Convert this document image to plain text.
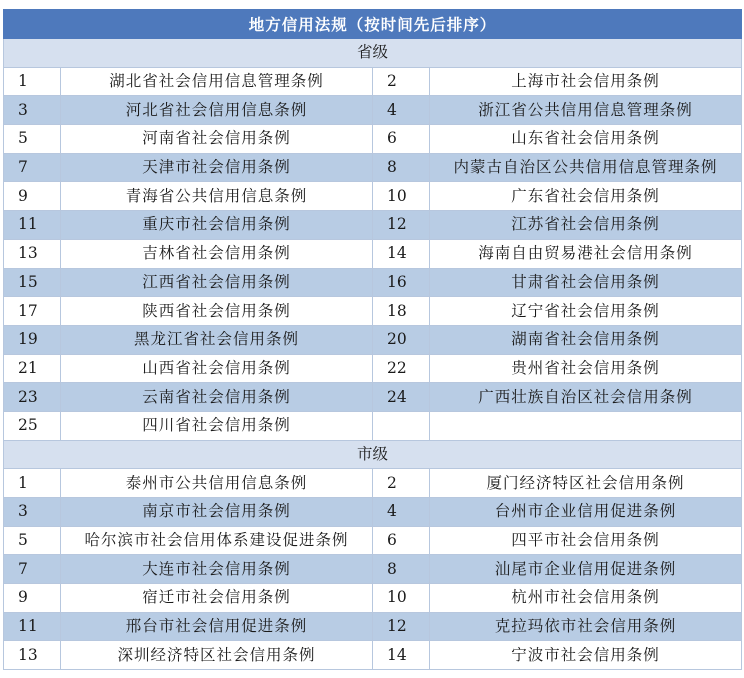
地方信用法规（按时间先后排序）			
省级			
1	湖北省社会信用信息管理条例	2	上海市社会信用条例
3	河北省社会信用信息条例	4	浙江省公共信用信息管理条例
5	河南省社会信用条例	6	山东省社会信用条例
7	天津市社会信用条例	8	内蒙古自治区公共信用信息管理条例
9	青海省公共信用信息条例	10	广东省社会信用条例
11	重庆市社会信用条例	12	江苏省社会信用条例
13	吉林省社会信用条例	14	海南自由贸易港社会信用条例
15	江西省社会信用条例	16	甘肃省社会信用条例
17	陕西省社会信用条例	18	辽宁省社会信用条例
19	黑龙江省社会信用条例	20	湖南省社会信用条例
21	山西省社会信用条例	22	贵州省社会信用条例
23	云南省社会信用条例	24	广西壮族自治区社会信用条例
25	四川省社会信用条例		
市级			
1	泰州市公共信用信息条例	2	厦门经济特区社会信用条例
3	南京市社会信用条例	4	台州市企业信用促进条例
5	哈尔滨市社会信用体系建设促进条例	6	四平市社会信用条例
7	大连市社会信用条例	8	汕尾市企业信用促进条例
9	宿迁市社会信用条例	10	杭州市社会信用条例
11	邢台市社会信用促进条例	12	克拉玛依市社会信用条例
13	深圳经济特区社会信用条例	14	宁波市社会信用条例
